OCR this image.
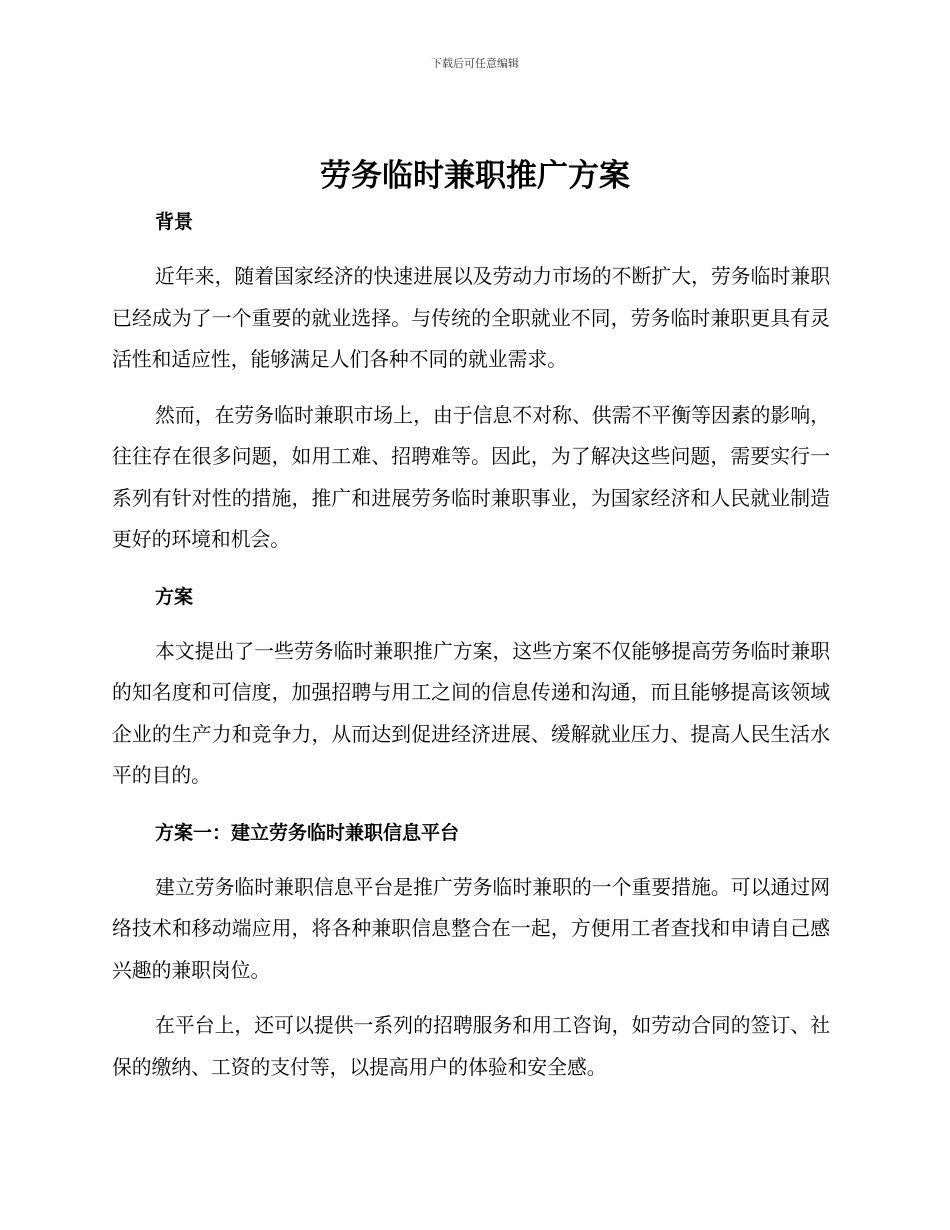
下载后可任意编辑
劳务临时兼职推广方案
背景

近年来，随着国家经济的快速进展以及劳动力市场的不断扩大，劳务临时兼职已经成为了一个重要的就业选择。与传统的全职就业不同，劳务临时兼职更具有灵活性和适应性，能够满足人们各种不同的就业需求。

然而，在劳务临时兼职市场上，由于信息不对称、供需不平衡等因素的影响，往往存在很多问题，如用工难、招聘难等。因此，为了解决这些问题，需要实行一系列有针对性的措施，推广和进展劳务临时兼职事业，为国家经济和人民就业制造更好的环境和机会。

方案

本文提出了一些劳务临时兼职推广方案，这些方案不仅能够提高劳务临时兼职的知名度和可信度，加强招聘与用工之间的信息传递和沟通，而且能够提高该领域企业的生产力和竞争力，从而达到促进经济进展、缓解就业压力、提高人民生活水平的目的。

方案一：建立劳务临时兼职信息平台

建立劳务临时兼职信息平台是推广劳务临时兼职的一个重要措施。可以通过网络技术和移动端应用，将各种兼职信息整合在一起，方便用工者查找和申请自己感兴趣的兼职岗位。

在平台上，还可以提供一系列的招聘服务和用工咨询，如劳动合同的签订、社保的缴纳、工资的支付等，以提高用户的体验和安全感。
